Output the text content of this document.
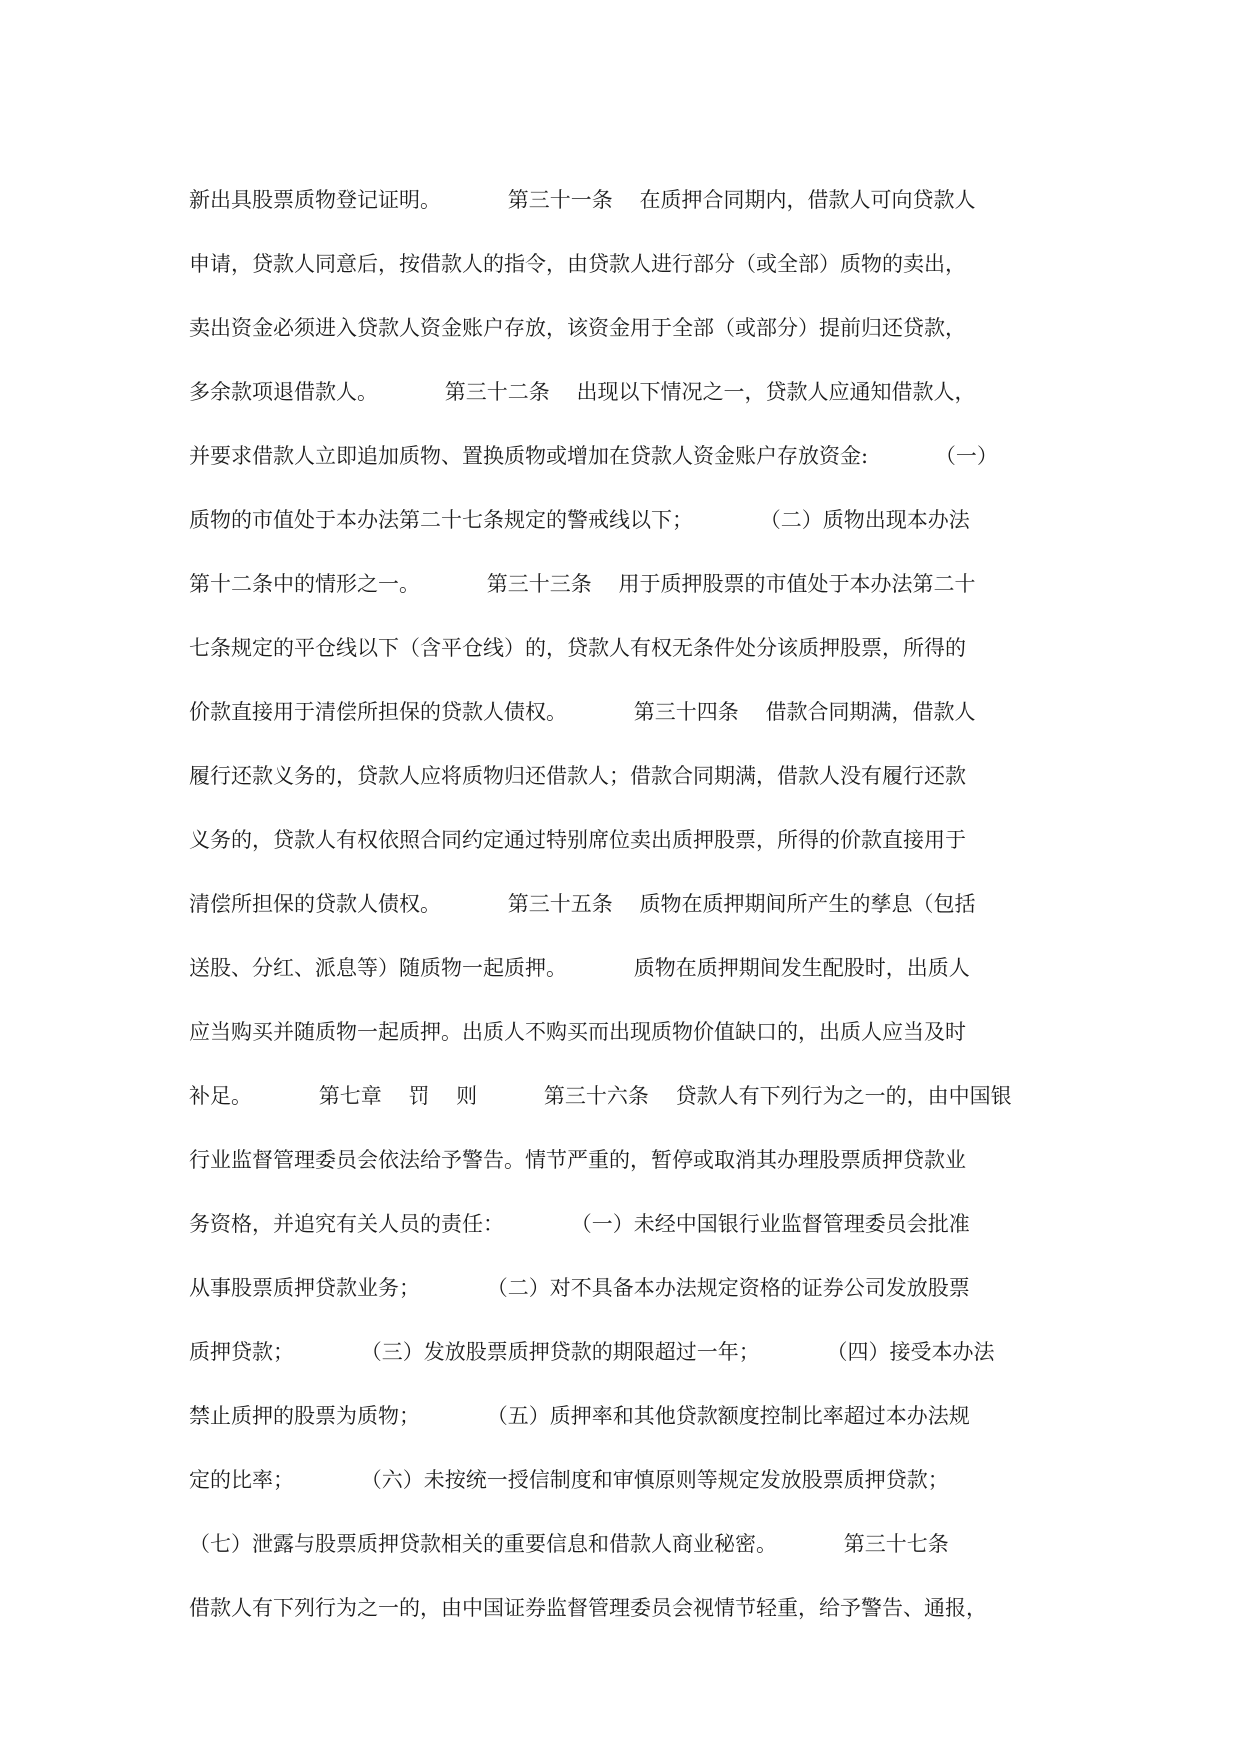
新出具股票质物登记证明。          第三十一条    在质押合同期内，借款人可向贷款人
申请，贷款人同意后，按借款人的指令，由贷款人进行部分（或全部）质物的卖出，
卖出资金必须进入贷款人资金账户存放，该资金用于全部（或部分）提前归还贷款，
多余款项退借款人。          第三十二条    出现以下情况之一，贷款人应通知借款人，
并要求借款人立即追加质物、置换质物或增加在贷款人资金账户存放资金:          （一）
质物的市值处于本办法第二十七条规定的警戒线以下；          （二）质物出现本办法
第十二条中的情形之一。          第三十三条    用于质押股票的市值处于本办法第二十
七条规定的平仓线以下（含平仓线）的，贷款人有权无条件处分该质押股票，所得的
价款直接用于清偿所担保的贷款人债权。          第三十四条    借款合同期满，借款人
履行还款义务的，贷款人应将质物归还借款人；借款合同期满，借款人没有履行还款
义务的，贷款人有权依照合同约定通过特别席位卖出质押股票，所得的价款直接用于
清偿所担保的贷款人债权。          第三十五条    质物在质押期间所产生的孳息（包括
送股、分红、派息等）随质物一起质押。          质物在质押期间发生配股时，出质人
应当购买并随质物一起质押。出质人不购买而出现质物价值缺口的，出质人应当及时
补足。          第七章    罚    则          第三十六条    贷款人有下列行为之一的，由中国银
行业监督管理委员会依法给予警告。情节严重的，暂停或取消其办理股票质押贷款业
务资格，并追究有关人员的责任：          （一）未经中国银行业监督管理委员会批准
从事股票质押贷款业务；          （二）对不具备本办法规定资格的证券公司发放股票
质押贷款；          （三）发放股票质押贷款的期限超过一年；          （四）接受本办法
禁止质押的股票为质物；          （五）质押率和其他贷款额度控制比率超过本办法规
定的比率；          （六）未按统一授信制度和审慎原则等规定发放股票质押贷款；
（七）泄露与股票质押贷款相关的重要信息和借款人商业秘密。          第三十七条
借款人有下列行为之一的，由中国证券监督管理委员会视情节轻重，给予警告、通报，
